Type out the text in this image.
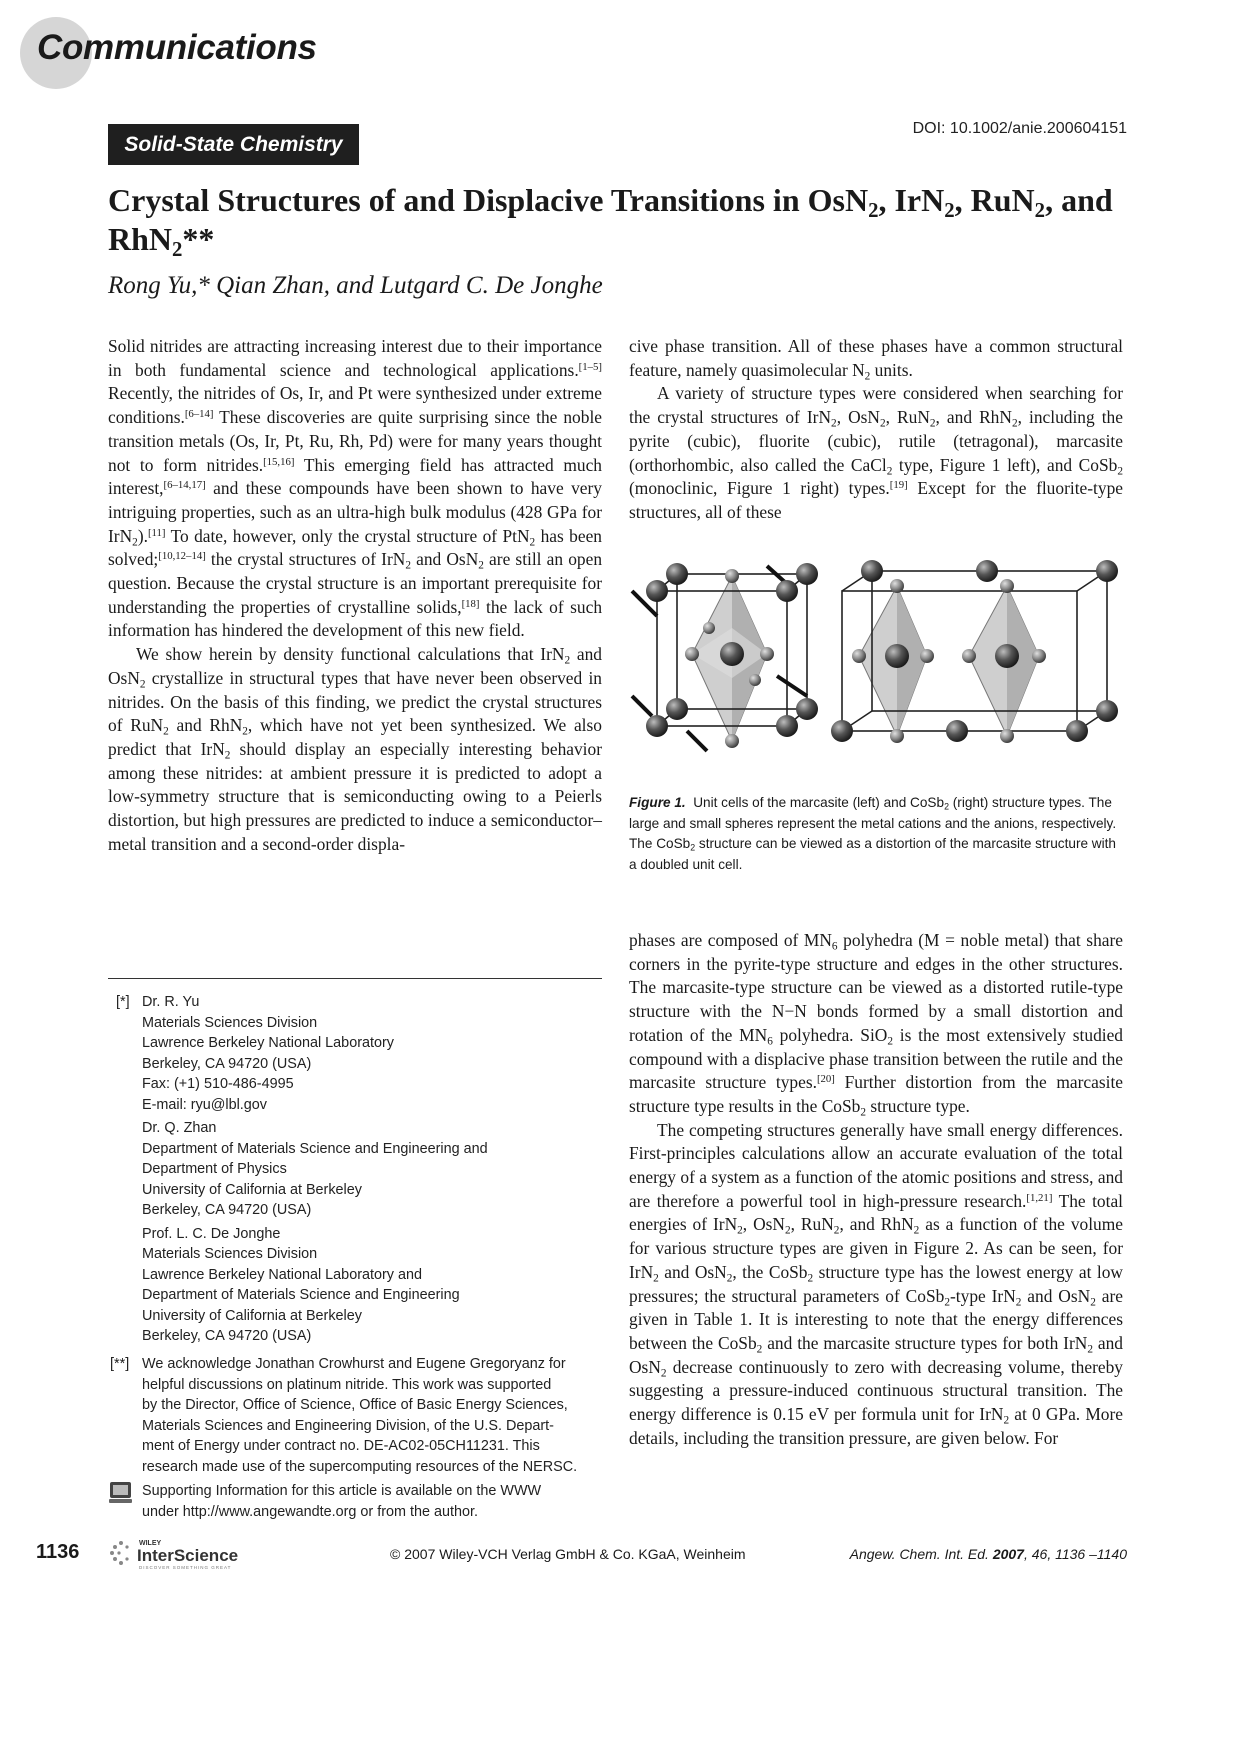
Communications
Solid-State Chemistry
DOI: 10.1002/anie.200604151
Crystal Structures of and Displacive Transitions in OsN$_2$, IrN$_2$, RuN$_2$, and RhN$_2$**
Rong Yu,* Qian Zhan, and Lutgard C. De Jonghe

Solid nitrides are attracting increasing interest due to their importance in both fundamental science and technological applications.[1–5] Recently, the nitrides of Os, Ir, and Pt were synthesized under extreme conditions.[6–14] These discoveries are quite surprising since the noble transition metals (Os, Ir, Pt, Ru, Rh, Pd) were for many years thought not to form nitrides.[15,16] This emerging field has attracted much interest,[6–14,17] and these compounds have been shown to have very intriguing properties, such as an ultra-high bulk modulus (428 GPa for IrN$_2$).[11] To date, however, only the crystal structure of PtN$_2$ has been solved;[10,12–14] the crystal structures of IrN$_2$ and OsN$_2$ are still an open question. Because the crystal structure is an important prerequisite for understanding the properties of crystalline solids,[18] the lack of such information has hindered the development of this new field.

We show herein by density functional calculations that IrN$_2$ and OsN$_2$ crystallize in structural types that have never been observed in nitrides. On the basis of this finding, we predict the crystal structures of RuN$_2$ and RhN$_2$, which have not yet been synthesized. We also predict that IrN$_2$ should display an especially interesting behavior among these nitrides: at ambient pressure it is predicted to adopt a low-symmetry structure that is semiconducting owing to a Peierls distortion, but high pressures are predicted to induce a semiconductor–metal transition and a second-order displa-

cive phase transition. All of these phases have a common structural feature, namely quasimolecular $N_2$ units.

A variety of structure types were considered when searching for the crystal structures of IrN$_2$, OsN$_2$, RuN$_2$, and RhN$_2$, including the pyrite (cubic), fluorite (cubic), rutile (tetragonal), marcasite (orthorhombic, also called the CaCl$_2$ type, Figure 1 left), and CoSb$_2$ (monoclinic, Figure 1 right) types.[19] Except for the fluorite-type structures, all of these

Figure 1. Unit cells of the marcasite (left) and CoSb$_2$ (right) structure types. The large and small spheres represent the metal cations and the anions, respectively. The CoSb$_2$ structure can be viewed as a distortion of the marcasite structure with a doubled unit cell.

phases are composed of $MN_6$ polyhedra (M = noble metal) that share corners in the pyrite-type structure and edges in the other structures. The marcasite-type structure can be viewed as a distorted rutile-type structure with the N−N bonds formed by a small distortion and rotation of the $MN_6$ polyhedra. SiO$_2$ is the most extensively studied compound with a displacive phase transition between the rutile and the marcasite structure types.[20] Further distortion from the marcasite structure type results in the CoSb$_2$ structure type.

The competing structures generally have small energy differences. First-principles calculations allow an accurate evaluation of the total energy of a system as a function of the atomic positions and stress, and are therefore a powerful tool in high-pressure research.[1,21] The total energies of IrN$_2$, OsN$_2$, RuN$_2$, and RhN$_2$ as a function of the volume for various structure types are given in Figure 2. As can be seen, for IrN$_2$ and OsN$_2$, the CoSb$_2$ structure type has the lowest energy at low pressures; the structural parameters of CoSb$_2$-type IrN$_2$ and OsN$_2$ are given in Table 1. It is interesting to note that the energy differences between the CoSb$_2$ and the marcasite structure types for both IrN$_2$ and OsN$_2$ decrease continuously to zero with decreasing volume, thereby suggesting a pressure-induced continuous structural transition. The energy difference is 0.15 eV per formula unit for IrN$_2$ at 0 GPa. More details, including the transition pressure, are given below. For

[*] Dr. R. Yu
Materials Sciences Division
Lawrence Berkeley National Laboratory
Berkeley, CA 94720 (USA)
Fax: (+1) 510-486-4995
E-mail: ryu@lbl.gov
Dr. Q. Zhan
Department of Materials Science and Engineering and
Department of Physics
University of California at Berkeley
Berkeley, CA 94720 (USA)
Prof. L. C. De Jonghe
Materials Sciences Division
Lawrence Berkeley National Laboratory and
Department of Materials Science and Engineering
University of California at Berkeley
Berkeley, CA 94720 (USA)
[**] We acknowledge Jonathan Crowhurst and Eugene Gregoryanz for
helpful discussions on platinum nitride. This work was supported
by the Director, Office of Science, Office of Basic Energy Sciences,
Materials Sciences and Engineering Division, of the U.S. Depart-
ment of Energy under contract no. DE-AC02-05CH11231. This
research made use of the supercomputing resources of the NERSC.
Supporting Information for this article is available on the WWW
under http://www.angewandte.org or from the author.
1136	WILEY
InterScience
DISCOVER SOMETHING GREAT
© 2007 Wiley-VCH Verlag GmbH & Co. KGaA, Weinheim	Angew. Chem. Int. Ed. 2007, 46, 1136 –1140
